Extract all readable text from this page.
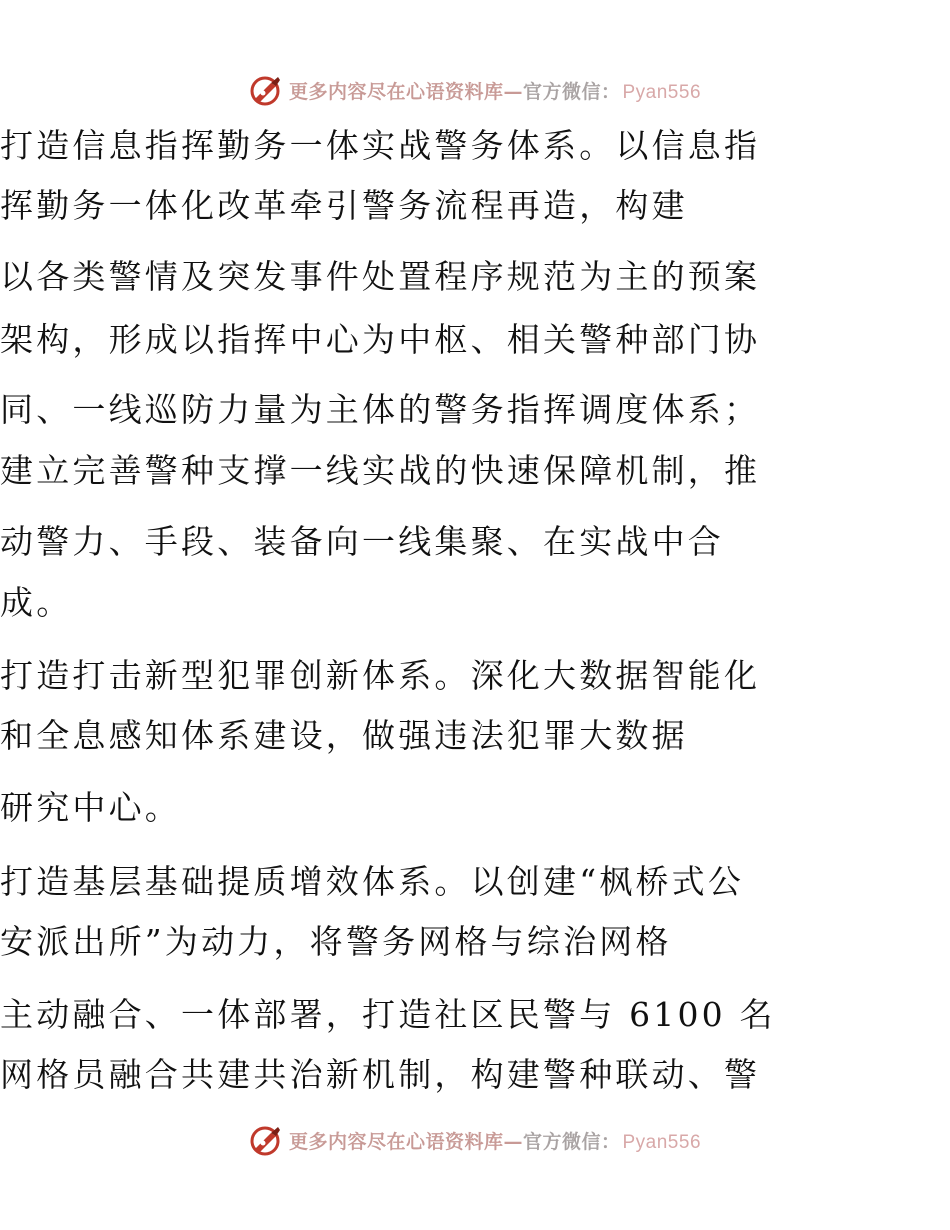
更多内容尽在心语资料库—官方微信： Pyan556
打造信息指挥勤务一体实战警务体系。以信息指
挥勤务一体化改革牵引警务流程再造，构建
以各类警情及突发事件处置程序规范为主的预案
架构，形成以指挥中心为中枢、相关警种部门协
同、一线巡防力量为主体的警务指挥调度体系；
建立完善警种支撑一线实战的快速保障机制，推
动警力、手段、装备向一线集聚、在实战中合
成。
打造打击新型犯罪创新体系。深化大数据智能化
和全息感知体系建设，做强违法犯罪大数据
研究中心。
打造基层基础提质增效体系。以创建“枫桥式公
安派出所”为动力，将警务网格与综治网格
主动融合、一体部署，打造社区民警与 6100 名
网格员融合共建共治新机制，构建警种联动、警
更多内容尽在心语资料库—官方微信： Pyan556
